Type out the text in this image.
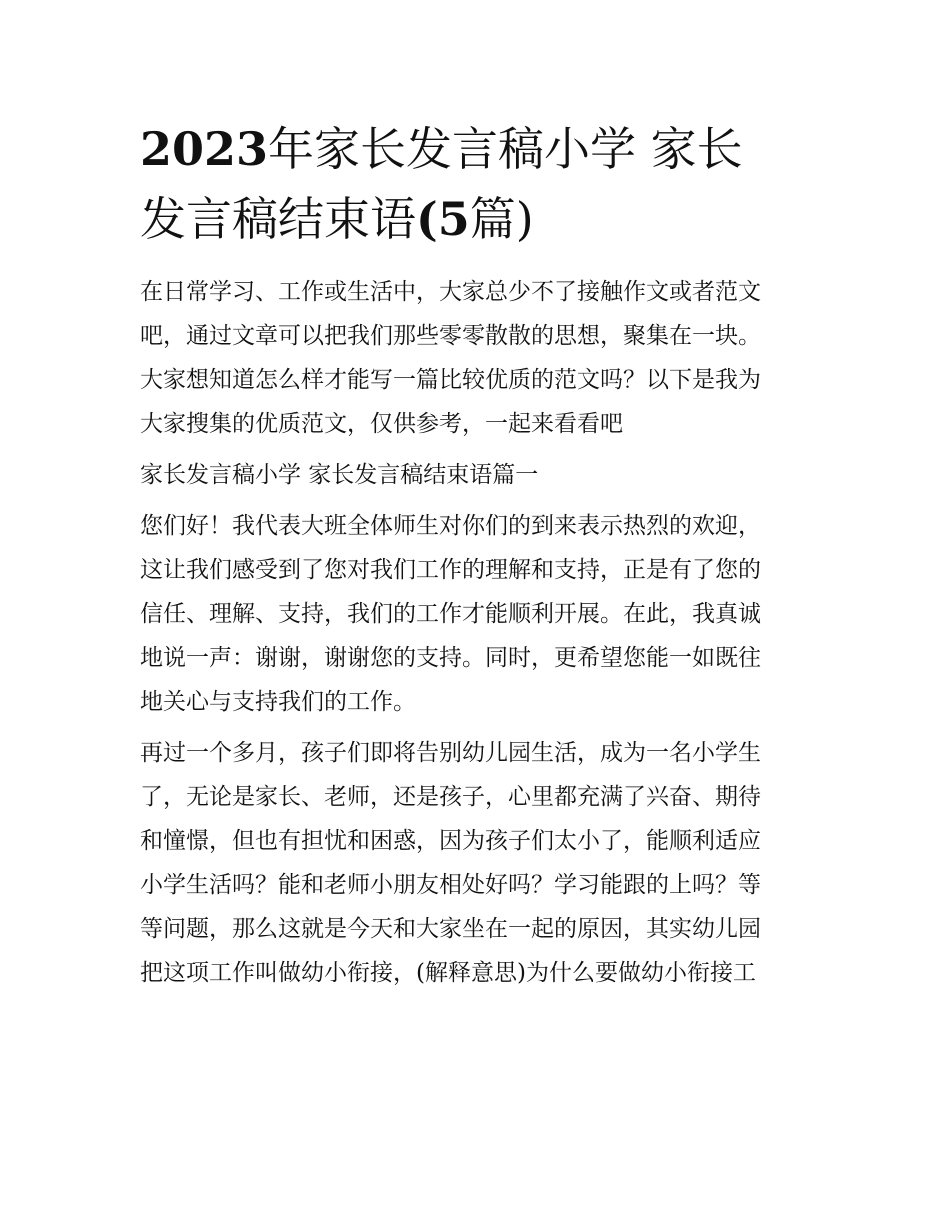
2023年家长发言稿小学 家长
发言稿结束语(5篇)
在日常学习、工作或生活中，大家总少不了接触作文或者范文
吧，通过文章可以把我们那些零零散散的思想，聚集在一块。
大家想知道怎么样才能写一篇比较优质的范文吗？以下是我为
大家搜集的优质范文，仅供参考，一起来看看吧
家长发言稿小学 家长发言稿结束语篇一
您们好！我代表大班全体师生对你们的到来表示热烈的欢迎，
这让我们感受到了您对我们工作的理解和支持，正是有了您的
信任、理解、支持，我们的工作才能顺利开展。在此，我真诚
地说一声：谢谢，谢谢您的支持。同时，更希望您能一如既往
地关心与支持我们的工作。
再过一个多月，孩子们即将告别幼儿园生活，成为一名小学生
了，无论是家长、老师，还是孩子，心里都充满了兴奋、期待
和憧憬，但也有担忧和困惑，因为孩子们太小了，能顺利适应
小学生活吗？能和老师小朋友相处好吗？学习能跟的上吗？等
等问题，那么这就是今天和大家坐在一起的原因，其实幼儿园
把这项工作叫做幼小衔接，(解释意思)为什么要做幼小衔接工
